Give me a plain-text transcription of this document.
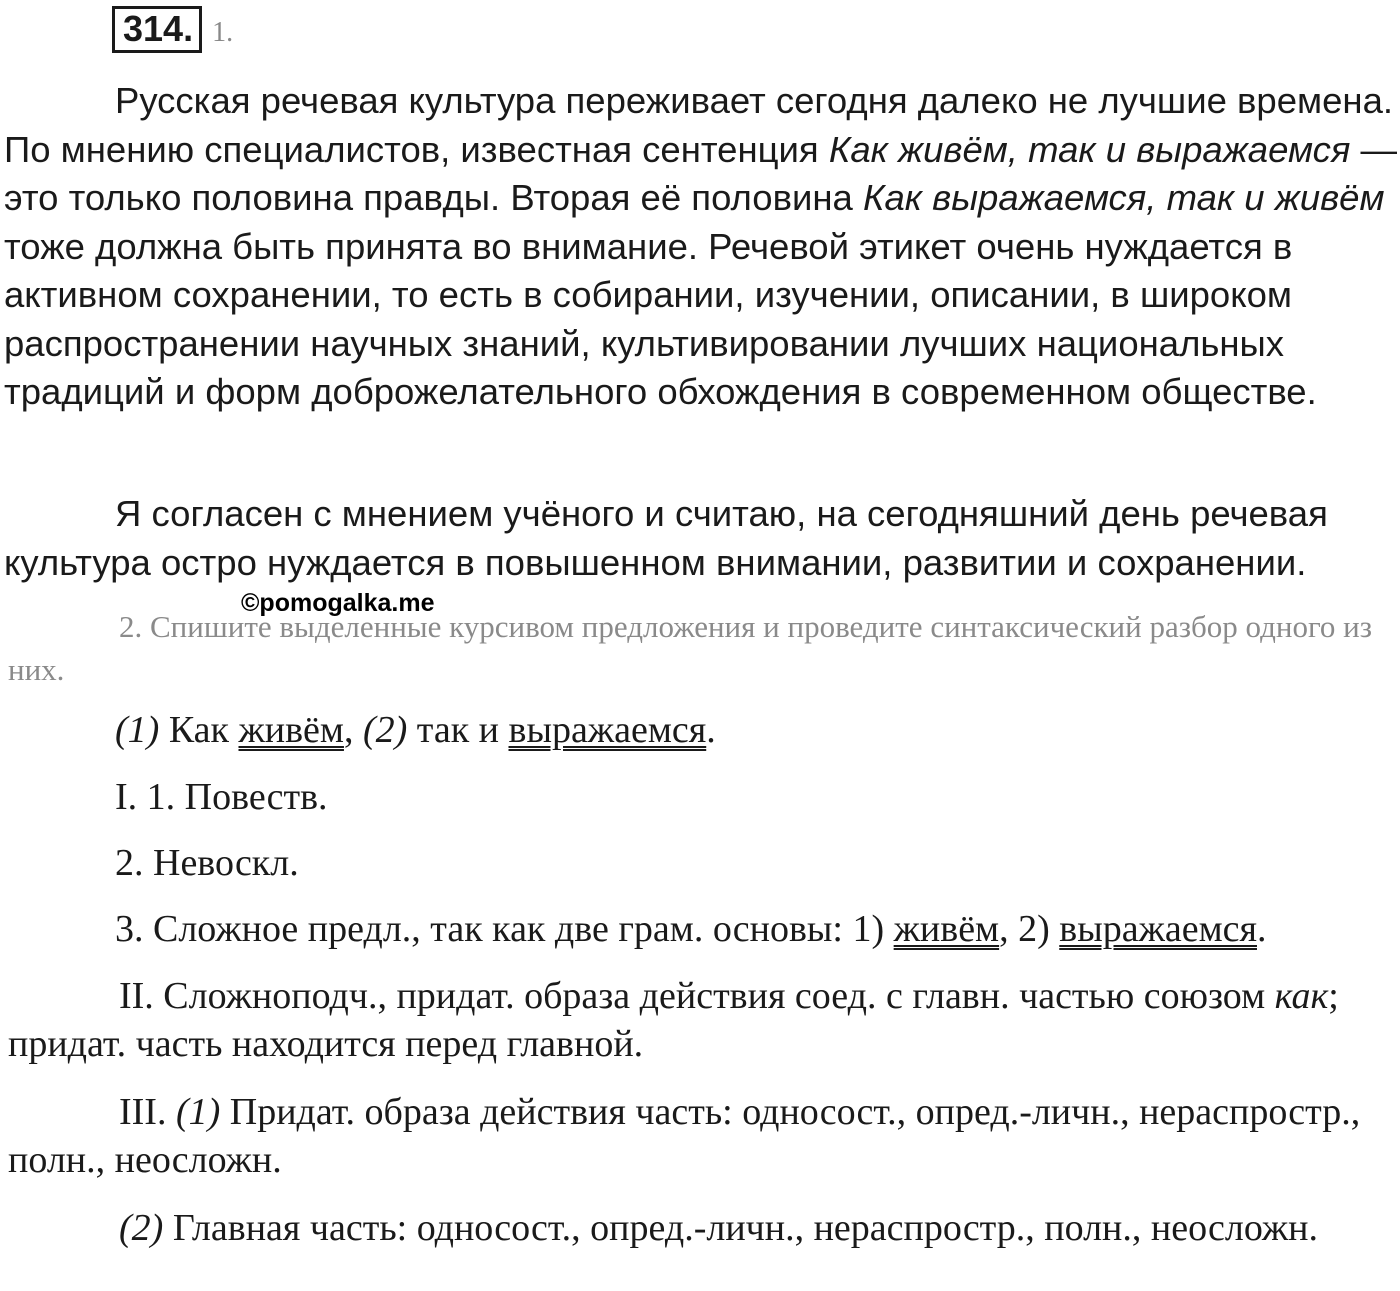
314. 1.
Русская речевая культура переживает сегодня далеко не лучшие времена. По мнению специалистов, известная сентенция Как живём, так и выражаемся — это только половина правды. Вторая её половина Как выражаемся, так и живём тоже должна быть принята во внимание. Речевой этикет очень нуждается в активном сохранении, то есть в собирании, изучении, описании, в широком распространении научных знаний, культивировании лучших национальных традиций и форм доброжелательного обхождения в современном обществе.
Я согласен с мнением учёного и считаю, на сегодняшний день речевая культура остро нуждается в повышенном внимании, развитии и сохранении.
2. Спишите выделенные курсивом предложения и проведите синтаксический разбор одного из них.
©pomogalka.me
(1) Как живём, (2) так и выражаемся.
I. 1. Повеств.
2. Невоскл.
3. Сложное предл., так как две грам. основы: 1) живём, 2) выражаемся.
II. Сложноподч., придат. образа действия соед. с главн. частью союзом как; придат. часть находится перед главной.
III. (1) Придат. образа действия часть: односост., опред.-личн., нераспростр., полн., неосложн.
(2) Главная часть: односост., опред.-личн., нераспростр., полн., неосложн.
